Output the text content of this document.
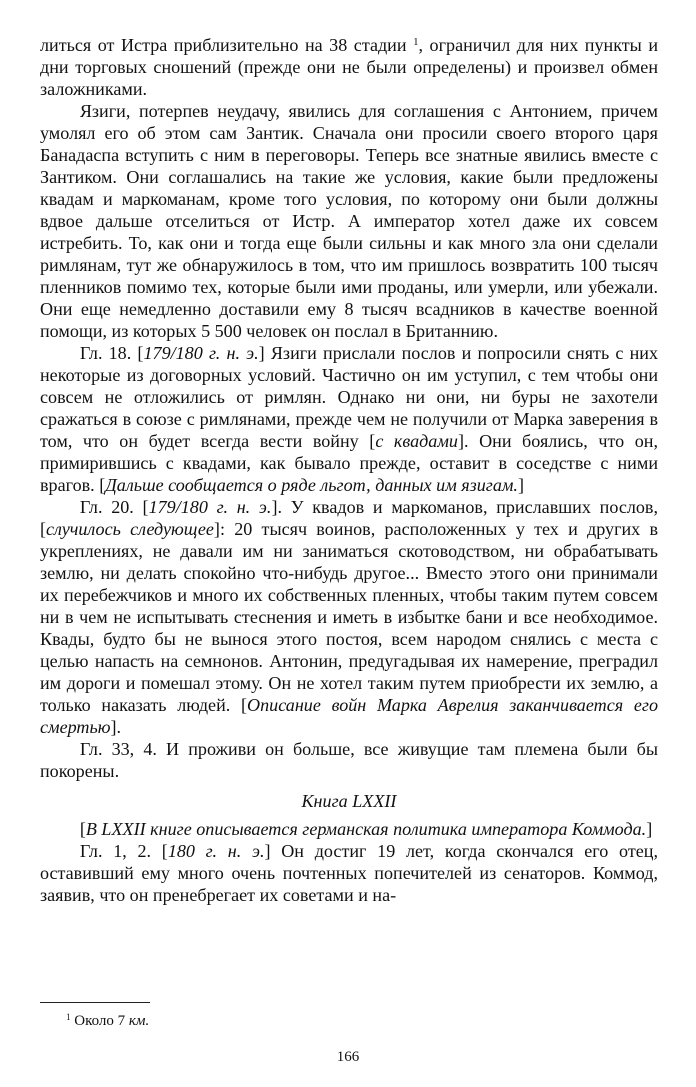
литься от Истра приблизительно на 38 стадии $^1$, ограничил для них пункты и дни торговых сношений (прежде они не были определены) и произвел обмен заложниками.

Язиги, потерпев неудачу, явились для соглашения с Антонием, причем умолял его об этом сам Зантик. Сначала они просили своего второго царя Банадаспа вступить с ним в переговоры. Теперь все знатные явились вместе с Зантиком. Они соглашались на такие же условия, какие были предложены квадам и маркоманам, кроме того условия, по которому они были должны вдвое дальше отселиться от Истр. А император хотел даже их совсем истребить. То, как они и тогда еще были сильны и как много зла они сделали римлянам, тут же обнаружилось в том, что им пришлось возвратить 100 тысяч пленников помимо тех, которые были ими проданы, или умерли, или убежали. Они еще немедленно доставили ему 8 тысяч всадников в качестве военной помощи, из которых 5 500 человек он послал в Британнию.

Гл. 18. [179/180 г. н. э.] Язиги прислали послов и попросили снять с них некоторые из договорных условий. Частично он им уступил, с тем чтобы они совсем не отложились от римлян. Однако ни они, ни буры не захотели сражаться в союзе с римлянами, прежде чем не получили от Марка заверения в том, что он будет всегда вести войну [с квадами]. Они боялись, что он, примирившись с квадами, как бывало прежде, оставит в соседстве с ними врагов. [Дальше сообщается о ряде льгот, данных им язигам.]

Гл. 20. [179/180 г. н. э.]. У квадов и маркоманов, приславших послов, [случилось следующее]: 20 тысяч воинов, расположенных у тех и других в укреплениях, не давали им ни заниматься скотоводством, ни обрабатывать землю, ни делать спокойно что-нибудь другое... Вместо этого они принимали их перебежчиков и много их собственных пленных, чтобы таким путем совсем ни в чем не испытывать стеснения и иметь в избытке бани и все необходимое. Квады, будто бы не вынося этого постоя, всем народом снялись с места с целью напасть на семнонов. Антонин, предугадывая их намерение, преградил им дороги и помешал этому. Он не хотел таким путем приобрести их землю, а только наказать людей. [Описание войн Марка Аврелия заканчивается его смертью].

Гл. 33, 4. И проживи он больше, все живущие там племена были бы покорены.

Книга LXXII

[В LXXII книге описывается германская политика императора Коммода.]

Гл. 1, 2. [180 г. н. э.] Он достиг 19 лет, когда скончался его отец, оставивший ему много очень почтенных попечителей из сенаторов. Коммод, заявив, что он пренебрегает их советами и на-

$^1$ Около 7 км.
166
